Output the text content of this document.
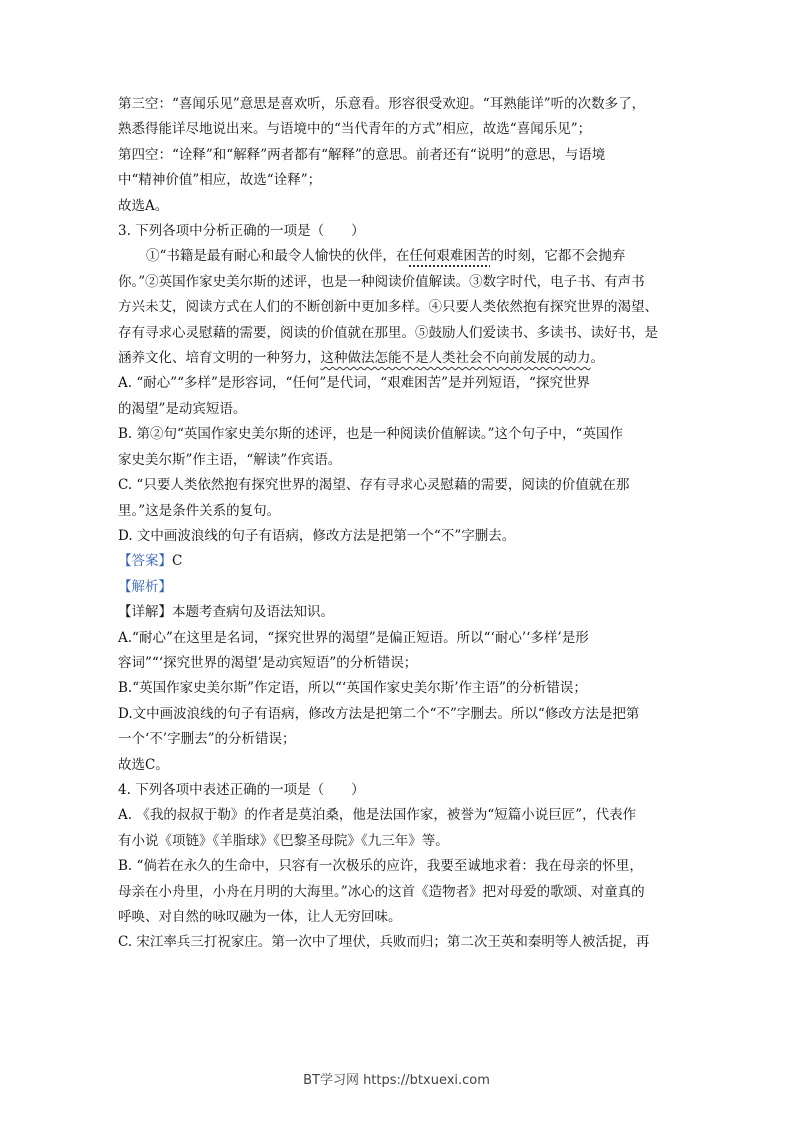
第三空：“喜闻乐见”意思是喜欢听，乐意看。形容很受欢迎。“耳熟能详”听的次数多了，
熟悉得能详尽地说出来。与语境中的“当代青年的方式”相应，故选“喜闻乐见”；
第四空：“诠释”和“解释”两者都有“解释”的意思。前者还有“说明”的意思，与语境
中“精神价值”相应，故选“诠释”；
故选A。
3. 下列各项中分析正确的一项是（　　）
①“书籍是最有耐心和最令人愉快的伙伴，在任何艰难困苦的时刻，它都不会抛弃
你。”②英国作家史美尔斯的述评，也是一种阅读价值解读。③数字时代，电子书、有声书
方兴未艾，阅读方式在人们的不断创新中更加多样。④只要人类依然抱有探究世界的渴望、
存有寻求心灵慰藉的需要，阅读的价值就在那里。⑤鼓励人们爱读书、多读书、读好书，是
涵养文化、培育文明的一种努力，这种做法怎能不是人类社会不向前发展的动力。
A. “耐心”“多样”是形容词，“任何”是代词，“艰难困苦”是并列短语，“探究世界
的渴望”是动宾短语。
B. 第②句“英国作家史美尔斯的述评，也是一种阅读价值解读。”这个句子中，“英国作
家史美尔斯”作主语，“解读”作宾语。
C. “只要人类依然抱有探究世界的渴望、存有寻求心灵慰藉的需要，阅读的价值就在那
里。”这是条件关系的复句。
D. 文中画波浪线的句子有语病，修改方法是把第一个“不”字删去。
【答案】C
【解析】
【详解】本题考查病句及语法知识。
A.“耐心”在这里是名词，“探究世界的渴望”是偏正短语。所以“‘耐心’‘多样’是形
容词”“‘探究世界的渴望’是动宾短语”的分析错误；
B.“英国作家史美尔斯”作定语，所以“‘英国作家史美尔斯’作主语”的分析错误；
D.文中画波浪线的句子有语病，修改方法是把第二个“不”字删去。所以“修改方法是把第
一个‘不’字删去”的分析错误；
故选C。
4. 下列各项中表述正确的一项是（　　）
A. 《我的叔叔于勒》的作者是莫泊桑，他是法国作家，被誉为“短篇小说巨匠”，代表作
有小说《项链》《羊脂球》《巴黎圣母院》《九三年》等。
B. “倘若在永久的生命中，只容有一次极乐的应许，我要至诚地求着：我在母亲的怀里，
母亲在小舟里，小舟在月明的大海里。”冰心的这首《造物者》把对母爱的歌颂、对童真的
呼唤、对自然的咏叹融为一体，让人无穷回味。
C. 宋江率兵三打祝家庄。第一次中了埋伏，兵败而归；第二次王英和秦明等人被活捉，再
BT学习网 https://btxuexi.com
